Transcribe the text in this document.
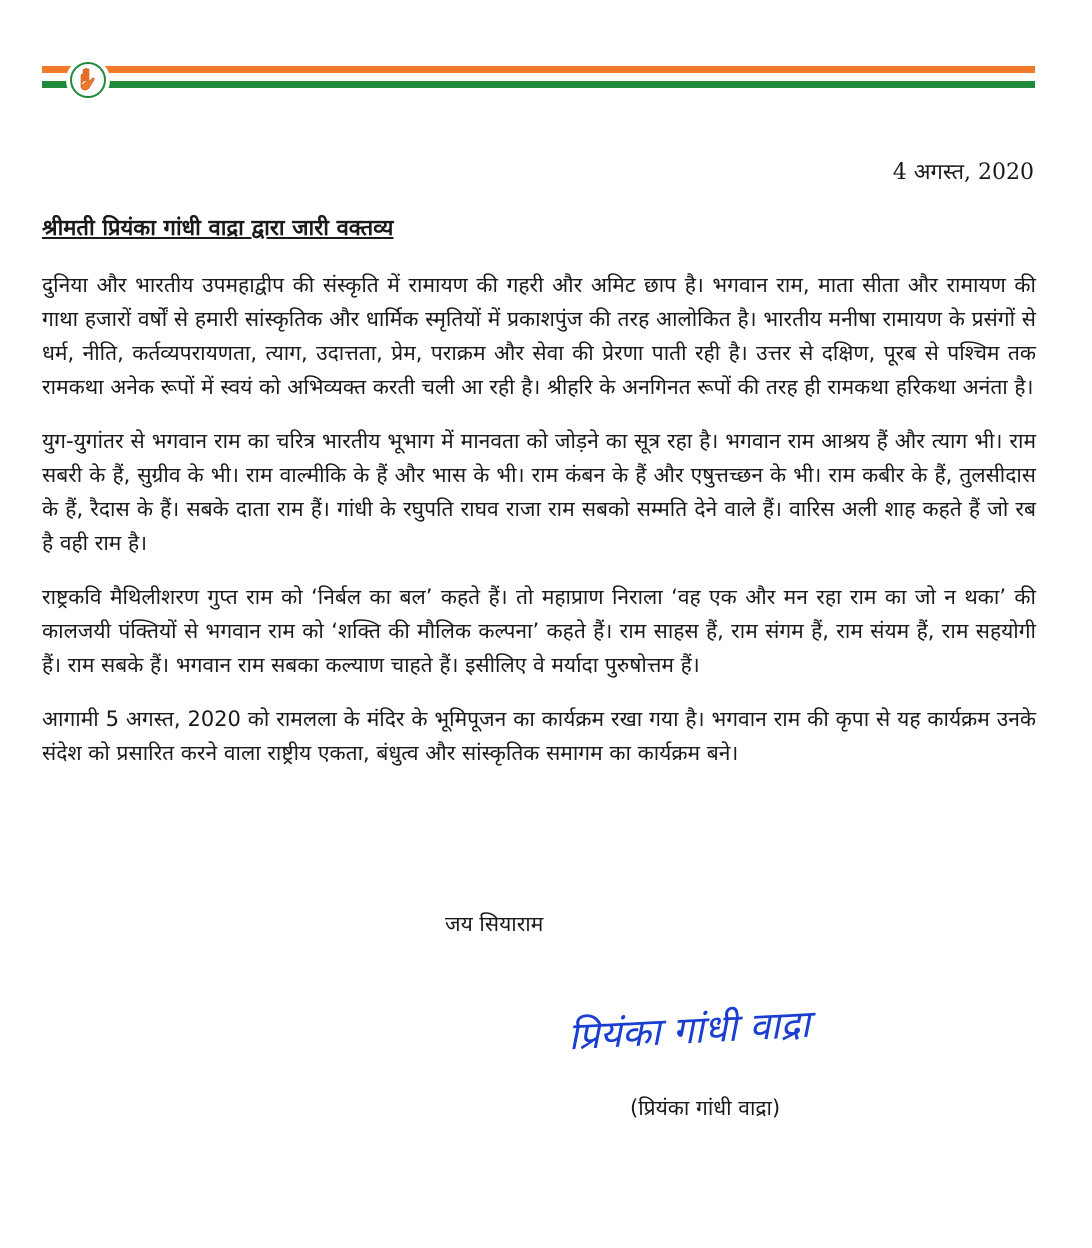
4 अगस्त, 2020
श्रीमती प्रियंका गांधी वाद्रा द्वारा जारी वक्तव्य

दुनिया और भारतीय उपमहाद्वीप की संस्कृति में रामायण की गहरी और अमिट छाप है। भगवान राम, माता सीता और रामायण की गाथा हजारों वर्षों से हमारी सांस्कृतिक और धार्मिक स्मृतियों में प्रकाशपुंज की तरह आलोकित है। भारतीय मनीषा रामायण के प्रसंगों से धर्म, नीति, कर्तव्यपरायणता, त्याग, उदात्तता, प्रेम, पराक्रम और सेवा की प्रेरणा पाती रही है। उत्तर से दक्षिण, पूरब से पश्चिम तक रामकथा अनेक रूपों में स्वयं को अभिव्यक्त करती चली आ रही है। श्रीहरि के अनगिनत रूपों की तरह ही रामकथा हरिकथा अनंता है।

युग-युगांतर से भगवान राम का चरित्र भारतीय भूभाग में मानवता को जोड़ने का सूत्र रहा है। भगवान राम आश्रय हैं और त्याग भी। राम सबरी के हैं, सुग्रीव के भी। राम वाल्मीकि के हैं और भास के भी। राम कंबन के हैं और एषुत्तच्छन के भी। राम कबीर के हैं, तुलसीदास के हैं, रैदास के हैं। सबके दाता राम हैं। गांधी के रघुपति राघव राजा राम सबको सम्मति देने वाले हैं। वारिस अली शाह कहते हैं जो रब है वही राम है।

राष्ट्रकवि मैथिलीशरण गुप्त राम को ‘निर्बल का बल’ कहते हैं। तो महाप्राण निराला ‘वह एक और मन रहा राम का जो न थका’ की कालजयी पंक्तियों से भगवान राम को ‘शक्ति की मौलिक कल्पना’ कहते हैं। राम साहस हैं, राम संगम हैं, राम संयम हैं, राम सहयोगी हैं। राम सबके हैं। भगवान राम सबका कल्याण चाहते हैं। इसीलिए वे मर्यादा पुरुषोत्तम हैं।

आगामी 5 अगस्त, 2020 को रामलला के मंदिर के भूमिपूजन का कार्यक्रम रखा गया है। भगवान राम की कृपा से यह कार्यक्रम उनके संदेश को प्रसारित करने वाला राष्ट्रीय एकता, बंधुत्व और सांस्कृतिक समागम का कार्यक्रम बने।

जय सियाराम
प्रियंका गांधी वाद्रा
(प्रियंका गांधी वाद्रा)
